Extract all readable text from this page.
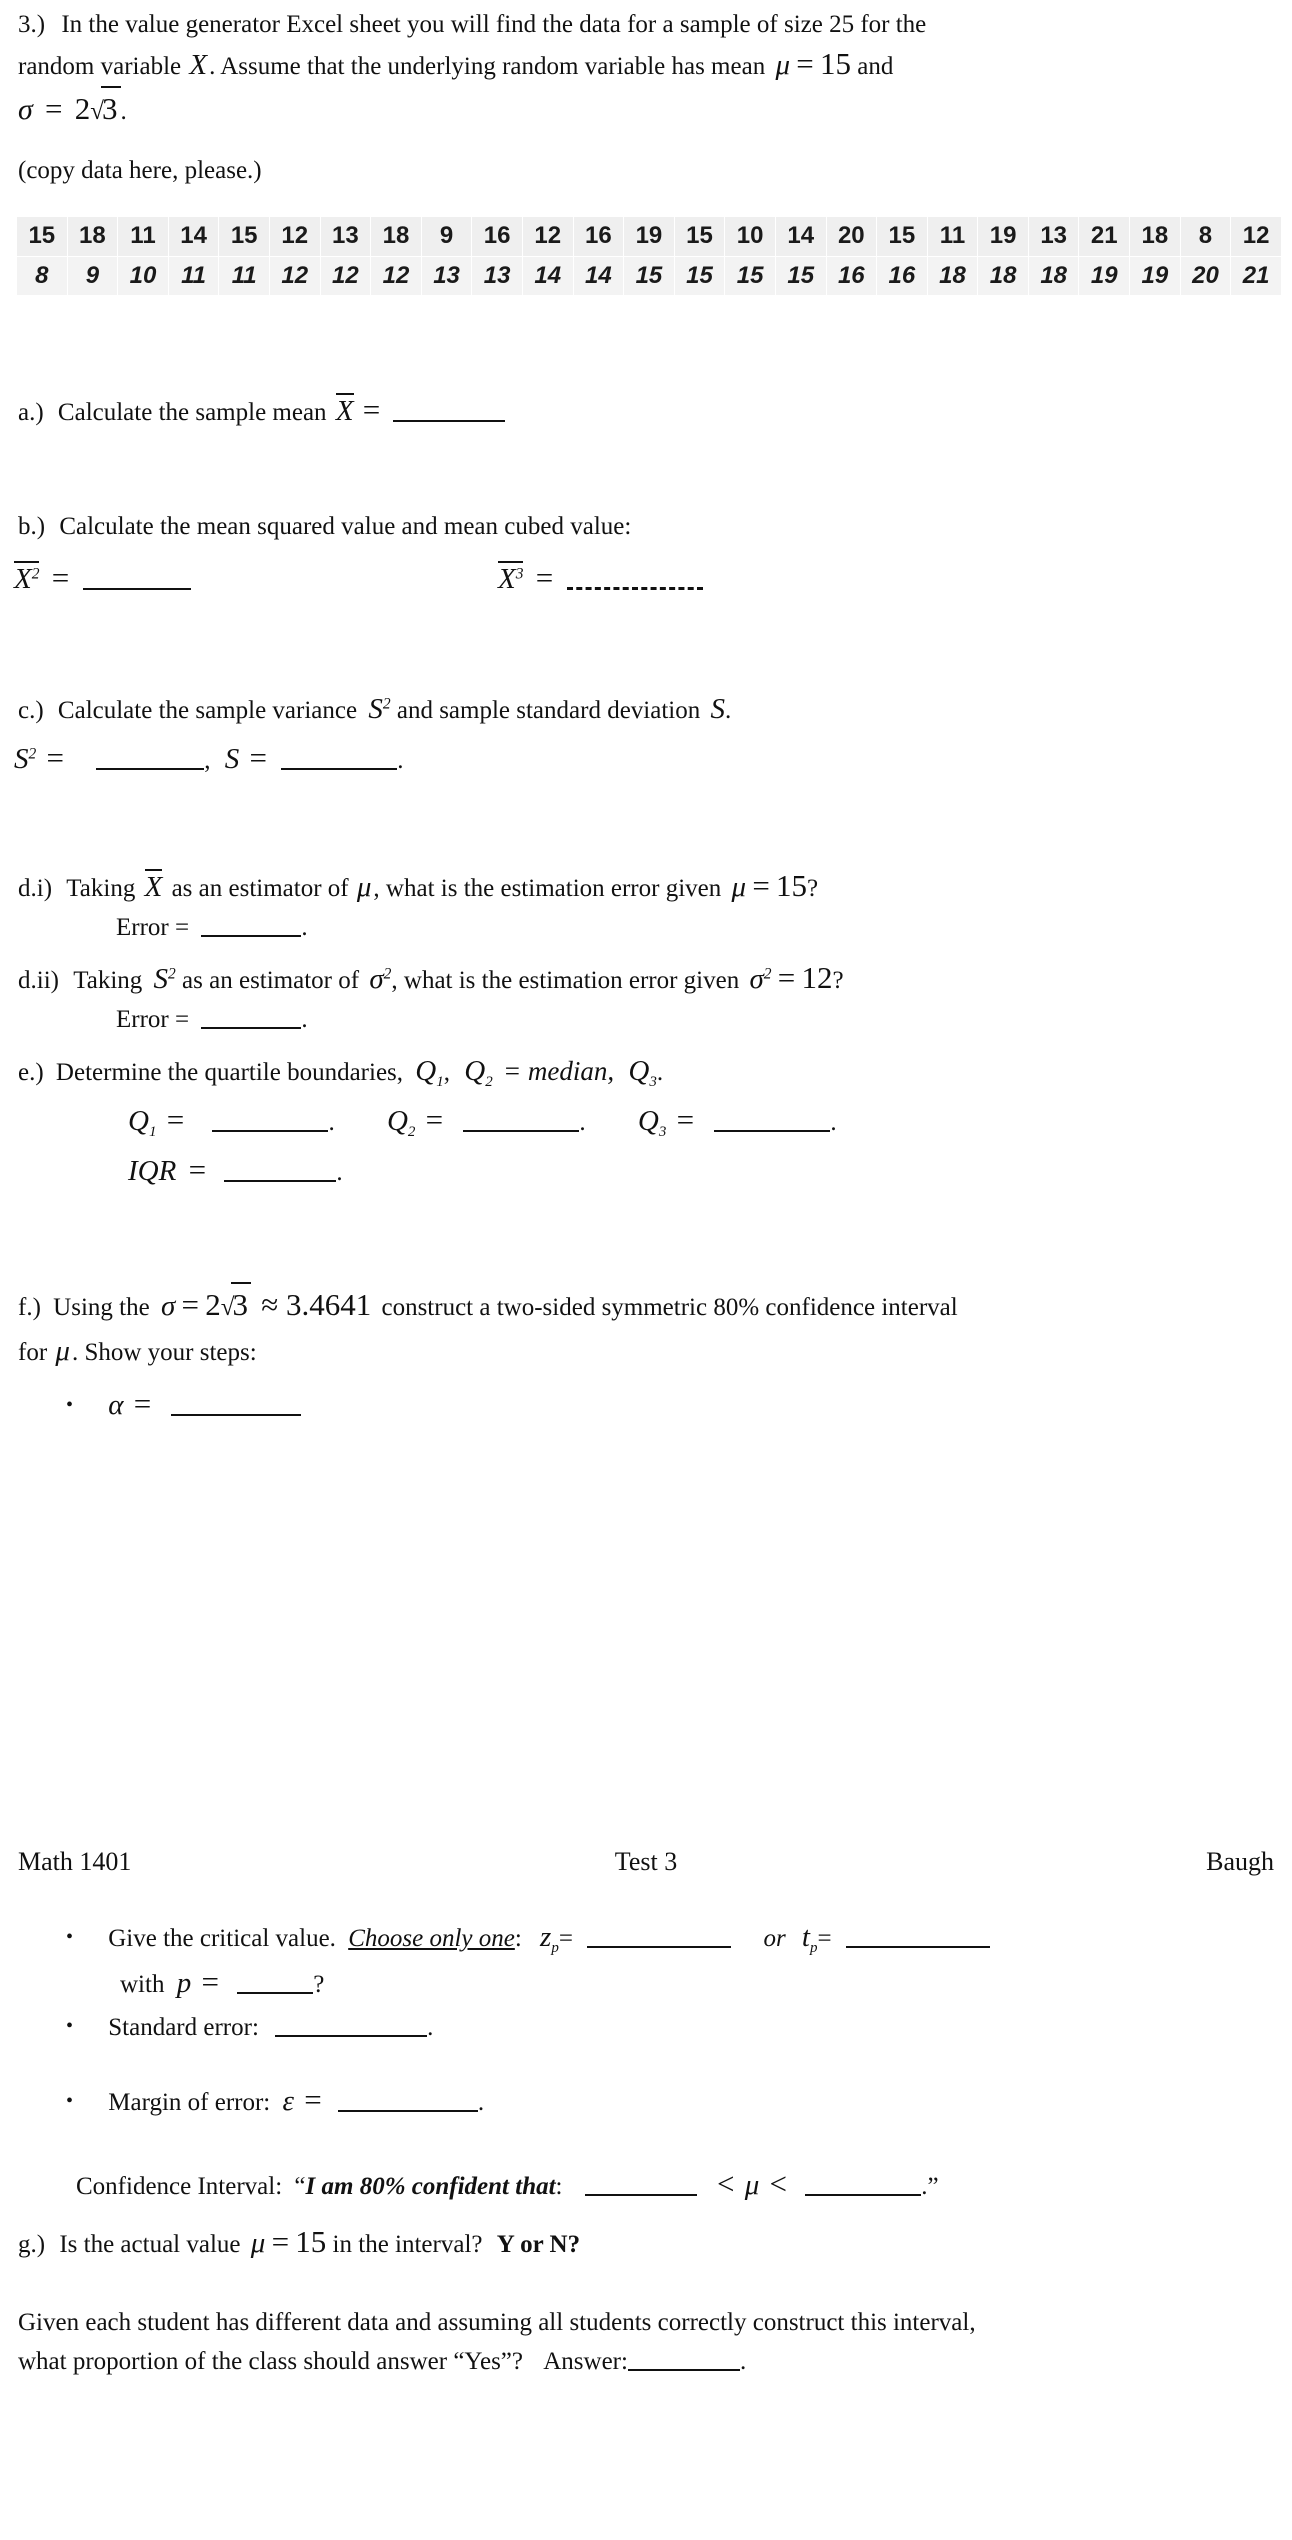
3.) In the value generator Excel sheet you will find the data for a sample of size 25 for the
random variable X. Assume that the underlying random variable has mean μ = 15 and
σ = 2√3 .
(copy data here, please.)
15	18	11	14	15	12	13	18	9	16	12	16	19	15	10	14	20	15	11	19	13	21	18	8	12
8	9	10	11	11	12	12	12	13	13	14	14	15	15	15	15	16	16	18	18	18	19	19	20	21
a.) Calculate the sample mean X =
b.) Calculate the mean squared value and mean cubed value:
$X^2$ =	$X^3$ =
c.) Calculate the sample variance $S^2$ and sample standard deviation S.
$S^2$ =	, S =	.
d.i) Taking X as an estimator of μ, what is the estimation error given μ = 15?
Error =	.
d.ii) Taking $S^2$ as an estimator of $\sigma^2$, what is the estimation error given $\sigma^2 = 12$?
Error =	.
e.) Determine the quartile boundaries, $Q_1$, $Q_2$ = median, $Q_3$.
$Q_1$ =	. $Q_2$ =	. $Q_3$ =	.
IQR =	.
f.) Using the σ = 2√3 ≈ 3.4641 construct a two-sided symmetric 80% confidence interval
for μ. Show your steps:
• α =
Math 1401	Test 3	Baugh
• Give the critical value. Choose only one: $z_p=$	or $t_p=$
with p =	?
• Standard error:	.
• Margin of error: ε =	.
Confidence Interval: “I am 80% confident that:	< μ <	.”
g.) Is the actual value μ = 15 in the interval? Y or N?
Given each student has different data and assuming all students correctly construct this interval,
what proportion of the class should answer “Yes”? Answer:	.
